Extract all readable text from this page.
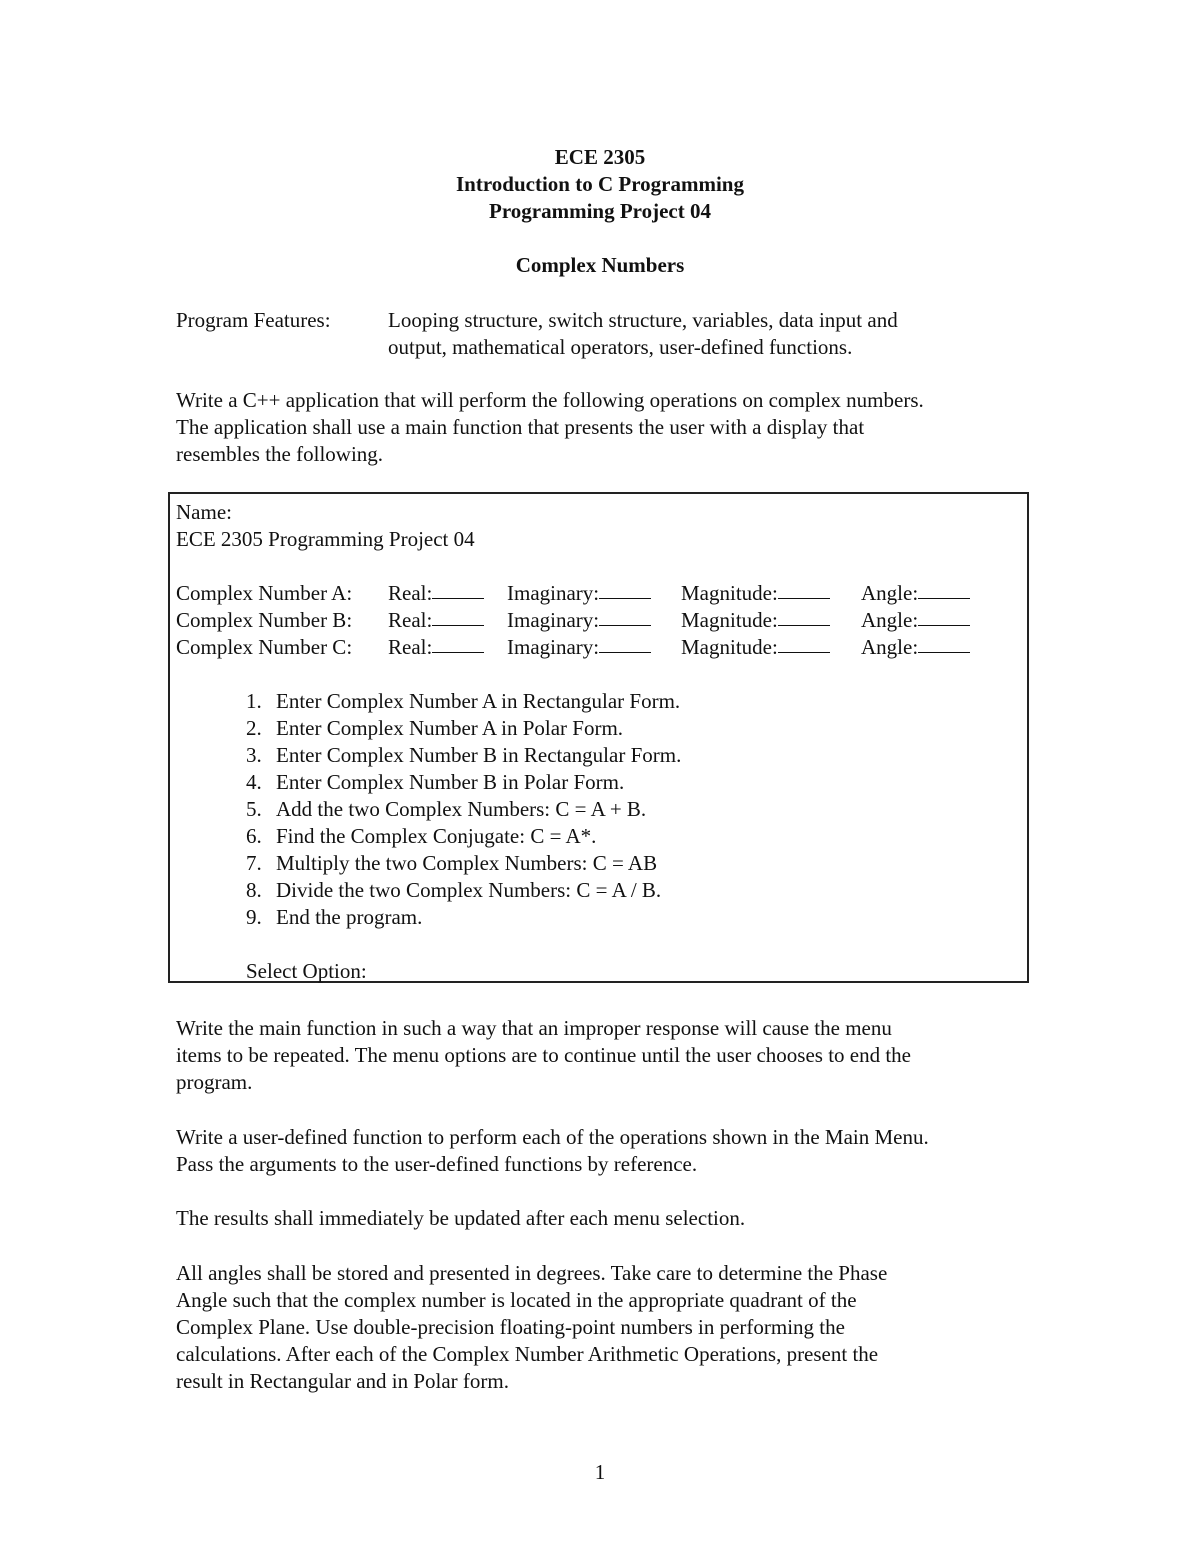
ECE 2305
Introduction to C Programming
Programming Project 04
Complex Numbers
Program Features:	Looping structure, switch structure, variables, data input and
output, mathematical operators, user-defined functions.
Write a C++ application that will perform the following operations on complex numbers.
The application shall use a main function that presents the user with a display that
resembles the following.
Name:
ECE 2305 Programming Project 04
Complex Number A: Real:	Imaginary:	Magnitude:	Angle:
Complex Number B: Real:	Imaginary:	Magnitude:	Angle:
Complex Number C: Real:	Imaginary:	Magnitude:	Angle:
1. Enter Complex Number A in Rectangular Form.
2. Enter Complex Number A in Polar Form.
3. Enter Complex Number B in Rectangular Form.
4. Enter Complex Number B in Polar Form.
5. Add the two Complex Numbers: C = A + B.
6. Find the Complex Conjugate: C = A*.
7. Multiply the two Complex Numbers: C = AB
8. Divide the two Complex Numbers: C = A / B.
9. End the program.
Select Option:
Write the main function in such a way that an improper response will cause the menu
items to be repeated. The menu options are to continue until the user chooses to end the
program.
Write a user-defined function to perform each of the operations shown in the Main Menu.
Pass the arguments to the user-defined functions by reference.
The results shall immediately be updated after each menu selection.
All angles shall be stored and presented in degrees. Take care to determine the Phase
Angle such that the complex number is located in the appropriate quadrant of the
Complex Plane. Use double-precision floating-point numbers in performing the
calculations. After each of the Complex Number Arithmetic Operations, present the
result in Rectangular and in Polar form.
1
